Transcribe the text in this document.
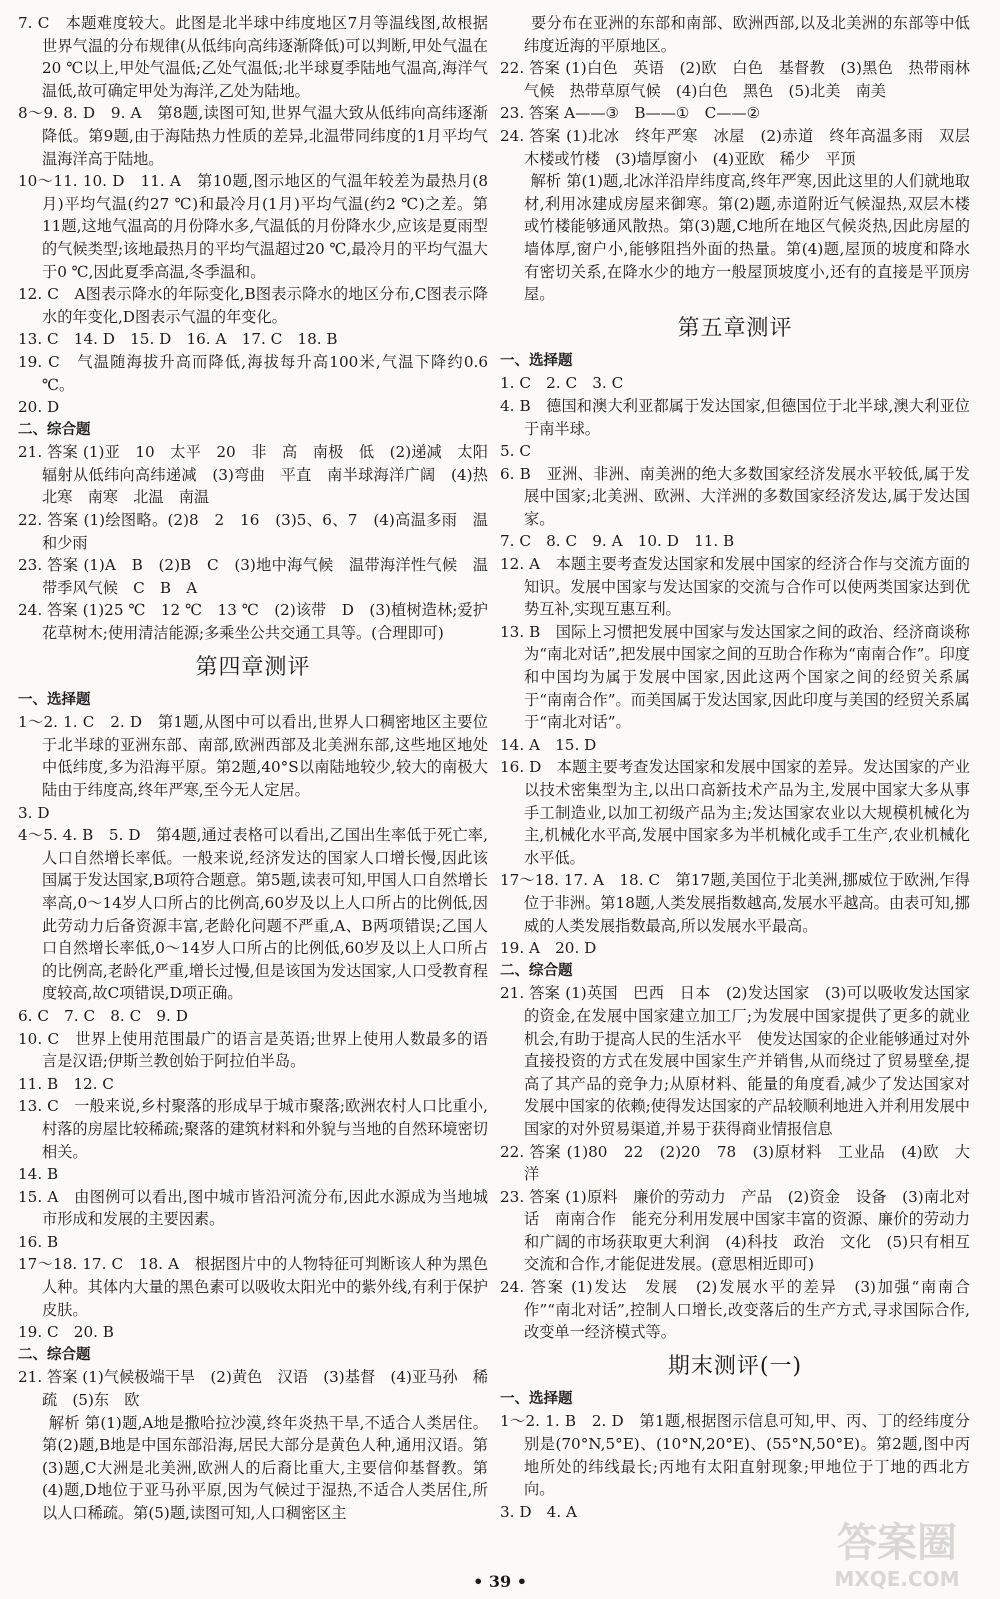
7. C　本题难度较大。此图是北半球中纬度地区7月等温线图,故根据世界气温的分布规律(从低纬向高纬逐渐降低)可以判断,甲处气温在20 ℃以上,甲处气温低;乙处气温低;北半球夏季陆地气温高,海洋气温低,故可确定甲处为海洋,乙处为陆地。

8～9. 8. D　9. A　第8题,读图可知,世界气温大致从低纬向高纬逐渐降低。第9题,由于海陆热力性质的差异,北温带同纬度的1月平均气温海洋高于陆地。

10～11. 10. D　11. A　第10题,图示地区的气温年较差为最热月(8月)平均气温(约27 ℃)和最冷月(1月)平均气温(约2 ℃)之差。第11题,这地气温高的月份降水多,气温低的月份降水少,应该是夏雨型的气候类型;该地最热月的平均气温超过20 ℃,最冷月的平均气温大于0 ℃,因此夏季高温,冬季温和。

12. C　A图表示降水的年际变化,B图表示降水的地区分布,C图表示降水的年变化,D图表示气温的年变化。

13. C　14. D　15. D　16. A　17. C　18. B

19. C　气温随海拔升高而降低,海拔每升高100米,气温下降约0.6 ℃。

20. D

二、综合题

21. 答案 (1)亚　10　太平　20　非　高　南极　低　(2)递减　太阳辐射从低纬向高纬递减　(3)弯曲　平直　南半球海洋广阔　(4)热　北寒　南寒　北温　南温

22. 答案 (1)绘图略。(2)8　2　16　(3)5、6、7　(4)高温多雨　温和少雨

23. 答案 (1)A　B　(2)B　C　(3)地中海气候　温带海洋性气候　温带季风气候　C　B　A

24. 答案 (1)25 ℃　12 ℃　13 ℃　(2)该带　D　(3)植树造林;爱护花草树木;使用清洁能源;多乘坐公共交通工具等。(合理即可)

第四章测评

一、选择题

1～2. 1. C　2. D　第1题,从图中可以看出,世界人口稠密地区主要位于北半球的亚洲东部、南部,欧洲西部及北美洲东部,这些地区地处中低纬度,多为沿海平原。第2题,40°S以南陆地较少,较大的南极大陆由于纬度高,终年严寒,至今无人定居。

3. D

4～5. 4. B　5. D　第4题,通过表格可以看出,乙国出生率低于死亡率,人口自然增长率低。一般来说,经济发达的国家人口增长慢,因此该国属于发达国家,B项符合题意。第5题,读表可知,甲国人口自然增长率高,0～14岁人口所占的比例高,60岁及以上人口所占的比例低,因此劳动力后备资源丰富,老龄化问题不严重,A、B两项错误;乙国人口自然增长率低,0～14岁人口所占的比例低,60岁及以上人口所占的比例高,老龄化严重,增长过慢,但是该国为发达国家,人口受教育程度较高,故C项错误,D项正确。

6. C　7. C　8. C　9. D

10. C　世界上使用范围最广的语言是英语;世界上使用人数最多的语言是汉语;伊斯兰教创始于阿拉伯半岛。

11. B　12. C

13. C　一般来说,乡村聚落的形成早于城市聚落;欧洲农村人口比重小,村落的房屋比较稀疏;聚落的建筑材料和外貌与当地的自然环境密切相关。

14. B

15. A　由图例可以看出,图中城市皆沿河流分布,因此水源成为当地城市形成和发展的主要因素。

16. B

17～18. 17. C　18. A　根据图片中的人物特征可判断该人种为黑色人种。其体内大量的黑色素可以吸收太阳光中的紫外线,有利于保护皮肤。

19. C　20. B

二、综合题

21. 答案 (1)气候极端干旱　(2)黄色　汉语　(3)基督　(4)亚马孙　稀疏　(5)东　欧

　　解析 第(1)题,A地是撒哈拉沙漠,终年炎热干旱,不适合人类居住。第(2)题,B地是中国东部沿海,居民大部分是黄色人种,通用汉语。第(3)题,C大洲是北美洲,欧洲人的后裔比重大,主要信仰基督教。第(4)题,D地位于亚马孙平原,因为气候过于湿热,不适合人类居住,所以人口稀疏。第(5)题,读图可知,人口稠密区主

　　要分布在亚洲的东部和南部、欧洲西部,以及北美洲的东部等中低纬度近海的平原地区。

22. 答案 (1)白色　英语　(2)欧　白色　基督教　(3)黑色　热带雨林气候　热带草原气候　(4)白色　黑色　(5)北美　南美

23. 答案 A——③　B——①　C——②

24. 答案 (1)北冰　终年严寒　冰屋　(2)赤道　终年高温多雨　双层木楼或竹楼　(3)墙厚窗小　(4)亚欧　稀少　平顶

　　解析 第(1)题,北冰洋沿岸纬度高,终年严寒,因此这里的人们就地取材,利用冰建成房屋来御寒。第(2)题,赤道附近气候湿热,双层木楼或竹楼能够通风散热。第(3)题,C地所在地区气候炎热,因此房屋的墙体厚,窗户小,能够阻挡外面的热量。第(4)题,屋顶的坡度和降水有密切关系,在降水少的地方一般屋顶坡度小,还有的直接是平顶房屋。

第五章测评

一、选择题

1. C　2. C　3. C

4. B　德国和澳大利亚都属于发达国家,但德国位于北半球,澳大利亚位于南半球。

5. C

6. B　亚洲、非洲、南美洲的绝大多数国家经济发展水平较低,属于发展中国家;北美洲、欧洲、大洋洲的多数国家经济发达,属于发达国家。

7. C　8. C　9. A　10. D　11. B

12. A　本题主要考查发达国家和发展中国家的经济合作与交流方面的知识。发展中国家与发达国家的交流与合作可以使两类国家达到优势互补,实现互惠互利。

13. B　国际上习惯把发展中国家与发达国家之间的政治、经济商谈称为“南北对话”,把发展中国家之间的互助合作称为“南南合作”。印度和中国均为属于发展中国家,因此这两个国家之间的经贸关系属于“南南合作”。而美国属于发达国家,因此印度与美国的经贸关系属于“南北对话”。

14. A　15. D

16. D　本题主要考查发达国家和发展中国家的差异。发达国家的产业以技术密集型为主,以出口高新技术产品为主,发展中国家大多从事手工制造业,以加工初级产品为主;发达国家农业以大规模机械化为主,机械化水平高,发展中国家多为半机械化或手工生产,农业机械化水平低。

17～18. 17. A　18. C　第17题,美国位于北美洲,挪威位于欧洲,乍得位于非洲。第18题,人类发展指数越高,发展水平越高。由表可知,挪威的人类发展指数最高,所以发展水平最高。

19. A　20. D

二、综合题

21. 答案 (1)英国　巴西　日本　(2)发达国家　(3)可以吸收发达国家的资金,在发展中国家建立加工厂;为发展中国家提供了更多的就业机会,有助于提高人民的生活水平　使发达国家的企业能够通过对外直接投资的方式在发展中国家生产并销售,从而绕过了贸易壁垒,提高了其产品的竞争力;从原材料、能量的角度看,减少了发达国家对发展中国家的依赖;使得发达国家的产品较顺利地进入并利用发展中国家的对外贸易渠道,并易于获得商业情报信息

22. 答案 (1)80　22　(2)20　78　(3)原材料　工业品　(4)欧　大洋

23. 答案 (1)原料　廉价的劳动力　产品　(2)资金　设备　(3)南北对话　南南合作　能充分利用发展中国家丰富的资源、廉价的劳动力和广阔的市场获取更大利润　(4)科技　政治　文化　(5)只有相互交流和合作,才能促进发展。(意思相近即可)

24. 答案 (1)发达　发展　(2)发展水平的差异　(3)加强“南南合作”“南北对话”,控制人口增长,改变落后的生产方式,寻求国际合作,改变单一经济模式等。

期末测评(一)

一、选择题

1～2. 1. B　2. D　第1题,根据图示信息可知,甲、丙、丁的经纬度分别是(70°N,5°E)、(10°N,20°E)、(55°N,50°E)。第2题,图中丙地所处的纬线最长;丙地有太阳直射现象;甲地位于丁地的西北方向。

3. D　4. A

• 39 •
答案圈
MXQE.COM
